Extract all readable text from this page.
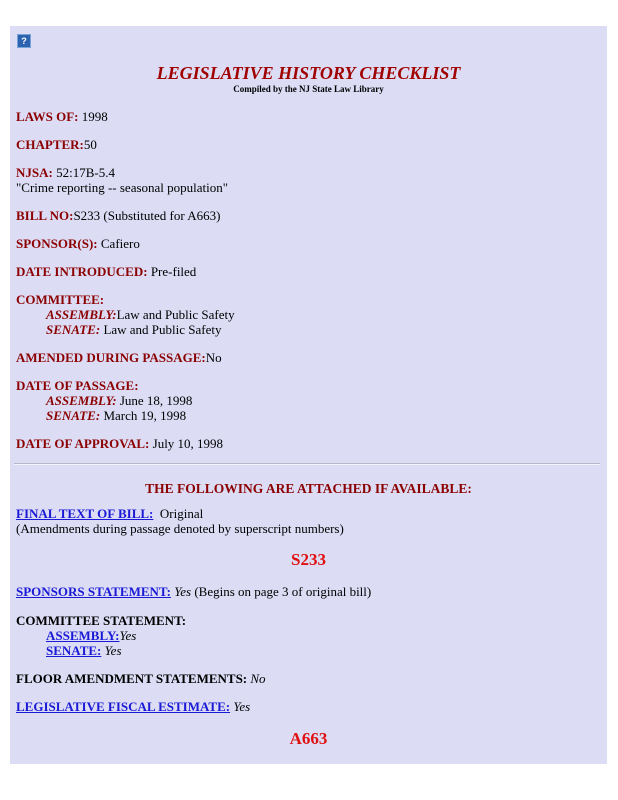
?
LEGISLATIVE HISTORY CHECKLIST
Compiled by the NJ State Law Library
LAWS OF: 1998
CHAPTER:50
NJSA: 52:17B-5.4
"Crime reporting -- seasonal population"
BILL NO:S233 (Substituted for A663)
SPONSOR(S): Cafiero
DATE INTRODUCED: Pre-filed
COMMITTEE:

ASSEMBLY:Law and Public Safety
SENATE: Law and Public Safety
AMENDED DURING PASSAGE:No
DATE OF PASSAGE:

ASSEMBLY: June 18, 1998
SENATE: March 19, 1998
DATE OF APPROVAL: July 10, 1998
THE FOLLOWING ARE ATTACHED IF AVAILABLE:
FINAL TEXT OF BILL: Original
(Amendments during passage denoted by superscript numbers)
S233
SPONSORS STATEMENT: Yes (Begins on page 3 of original bill)
COMMITTEE STATEMENT:

ASSEMBLY:Yes
SENATE: Yes
FLOOR AMENDMENT STATEMENTS: No
LEGISLATIVE FISCAL ESTIMATE: Yes
A663
